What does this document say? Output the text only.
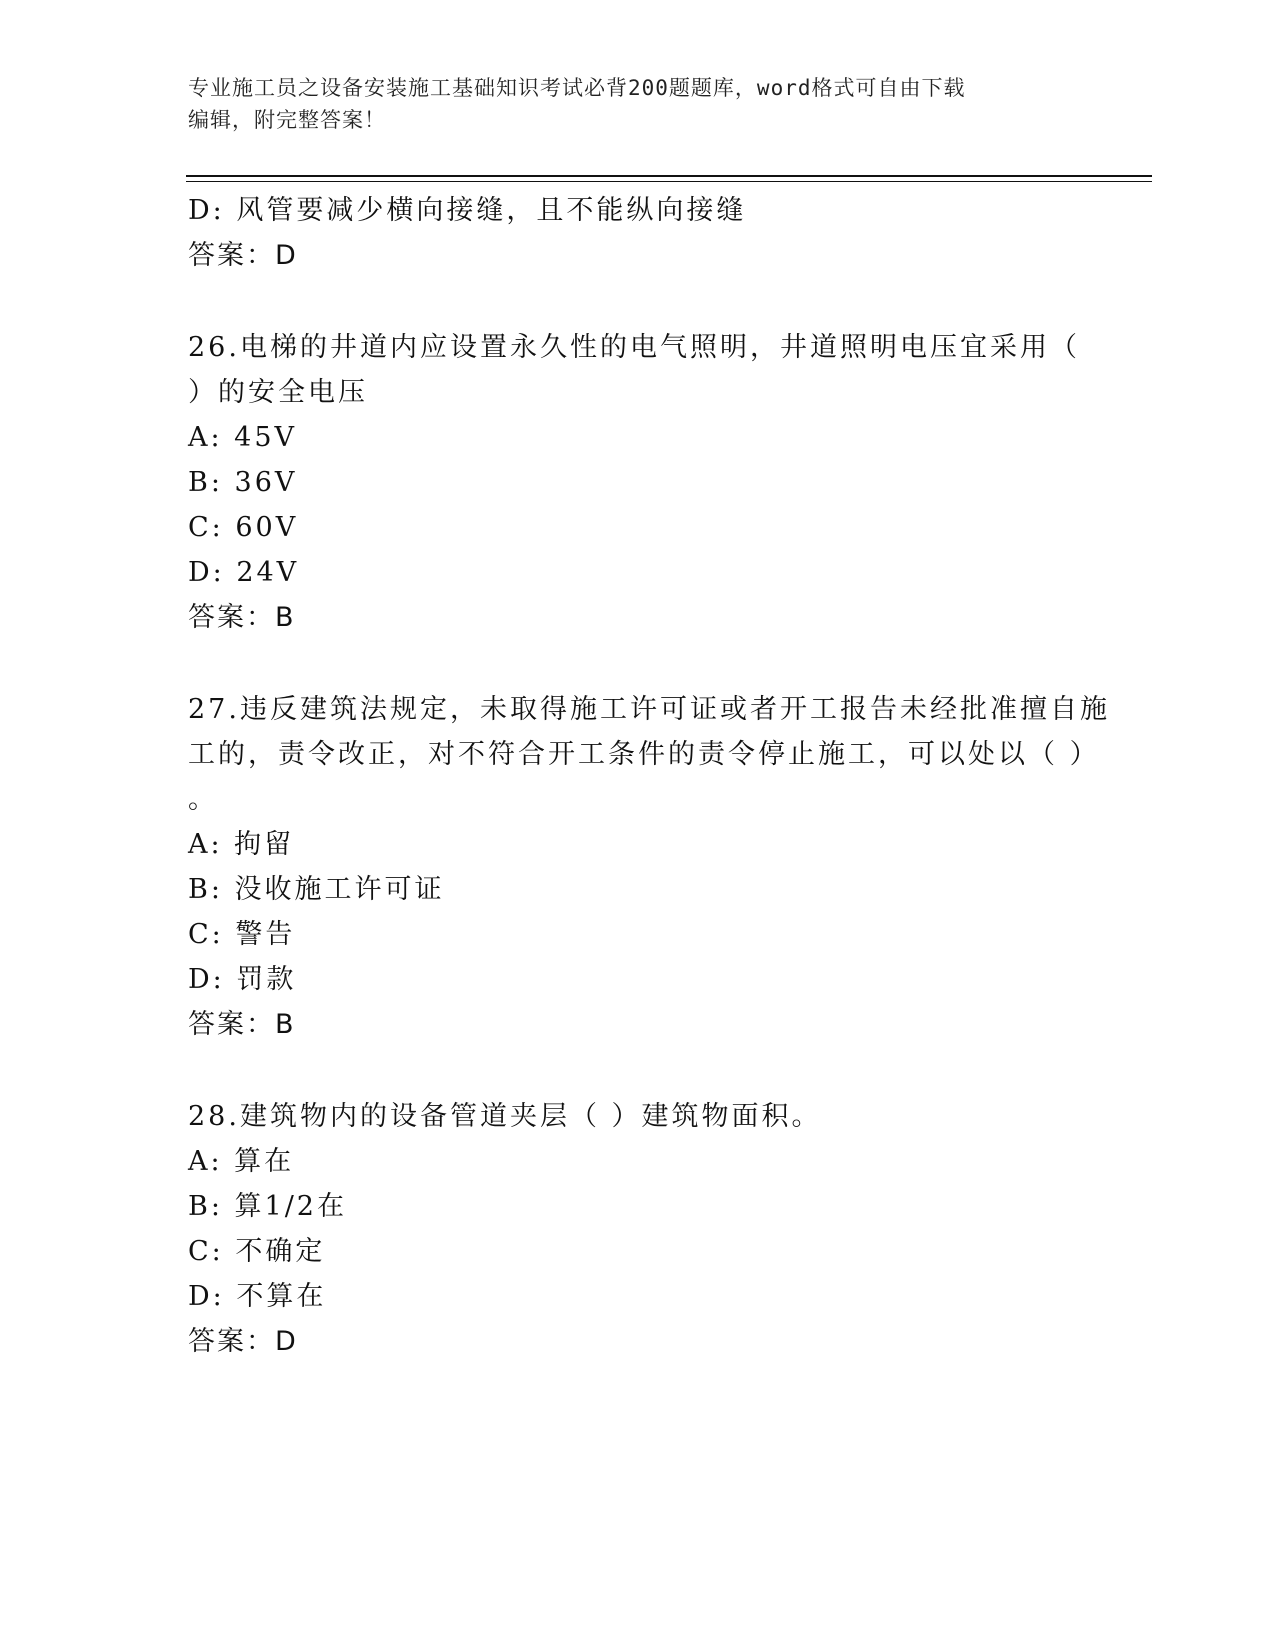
专业施工员之设备安装施工基础知识考试必背200题题库，word格式可自由下载
编辑，附完整答案！
D: 风管要减少横向接缝，且不能纵向接缝
答案：D
26.电梯的井道内应设置永久性的电气照明，井道照明电压宜采用（
）的安全电压
A: 45V
B: 36V
C: 60V
D: 24V
答案：B
27.违反建筑法规定，未取得施工许可证或者开工报告未经批准擅自施
工的，责令改正，对不符合开工条件的责令停止施工，可以处以（ ）
。
A: 拘留
B: 没收施工许可证
C: 警告
D: 罚款
答案：B
28.建筑物内的设备管道夹层（ ）建筑物面积。
A: 算在
B: 算1/2在
C: 不确定
D: 不算在
答案：D
